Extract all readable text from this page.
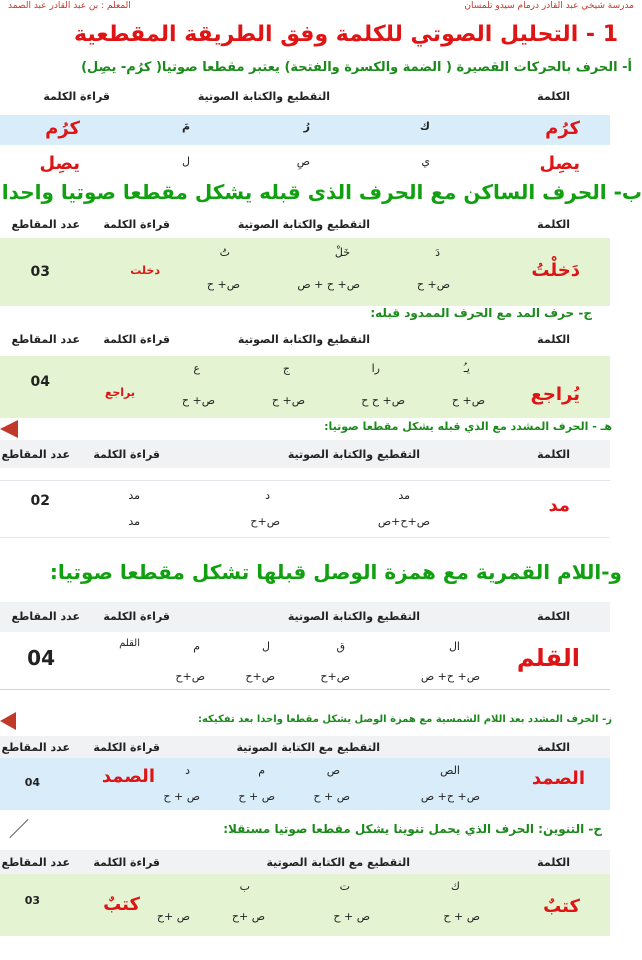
مدرسة شيخي عبد القادر درمام سيدو تلمسان
المعلم : بن عبد القادر عبد الصمد
1 - التحليل الصوتي للكلمة وفق الطريقة المقطعية
أ- الحرف بالحركات القصيرة ( الضمة والكسرة والفتحة) يعتبر مقطعا صوتيا( كرُم- يصِل)
الكلمة
التقطيع والكتابة الصوتية
قراءة الكلمة
كرُم
ك
رُ
مَ
كرُم
يصِل
ي
صِ
ل
يصِل
ب- الحرف الساكن مع الحرف الذى قبله يشكل مقطعا صوتيا واحدا
الكلمة
التقطيع والكتابة الصوتية
قراءة الكلمة
عدد المقاطع
دَخلْتُ
دَ
خَلْ
تُ
ص+ ح
ص+ ح + ص
ص+ ح
دخلت
03
ج- حرف المد مع الحرف الممدود قبله:
الكلمة
التقطيع والكتابة الصوتية
قراءة الكلمة
عدد المقاطع
يُراجع
يـُ
را
ج
ع
ص+ ح
ص+ ح ح
ص+ ح
ص+ ح
يراجع
04
هـ - الحرف المشدد مع الذي قبله يشكل مقطعا صوتيا:
الكلمة
التقطيع والكتابة الصوتية
قراءة الكلمة
عدد المقاطع
مد
مد
د
ص+ح+ص
ص+ح
مد
مد
02
و-اللام القمرية مع همزة الوصل قبلها تشكل مقطعا صوتيا:
الكلمة
التقطيع والكتابة الصوتية
قراءة الكلمة
عدد المقاطع
القلم
ال
ق
ل
م
ص+ ح+ ص
ص+ح
ص+ح
ص+ح
القلم
04
ز- الحرف المشدد بعد اللام الشمسية مع همزة الوصل يشكل مقطعا واحدا بعد تفكيكه:
الكلمة
التقطيع مع الكتابة الصوتية
قراءة الكلمة
عدد المقاطع
الصمد
الص
ص
م
د
ص+ ح+ ص
ص + ح
ص + ح
ص + ح
الصمد
04
ح- التنوين: الحرف الذي يحمل تنوينا يشكل مقطعا صوتيا مستقلا:
الكلمة
التقطيع مع الكتابة الصوتية
قراءة الكلمة
عدد المقاطع
كتبٌ
ك
ت
ب
ص + ح
ص + ح
ص +ح
ص +ح
كتبٌ
03
